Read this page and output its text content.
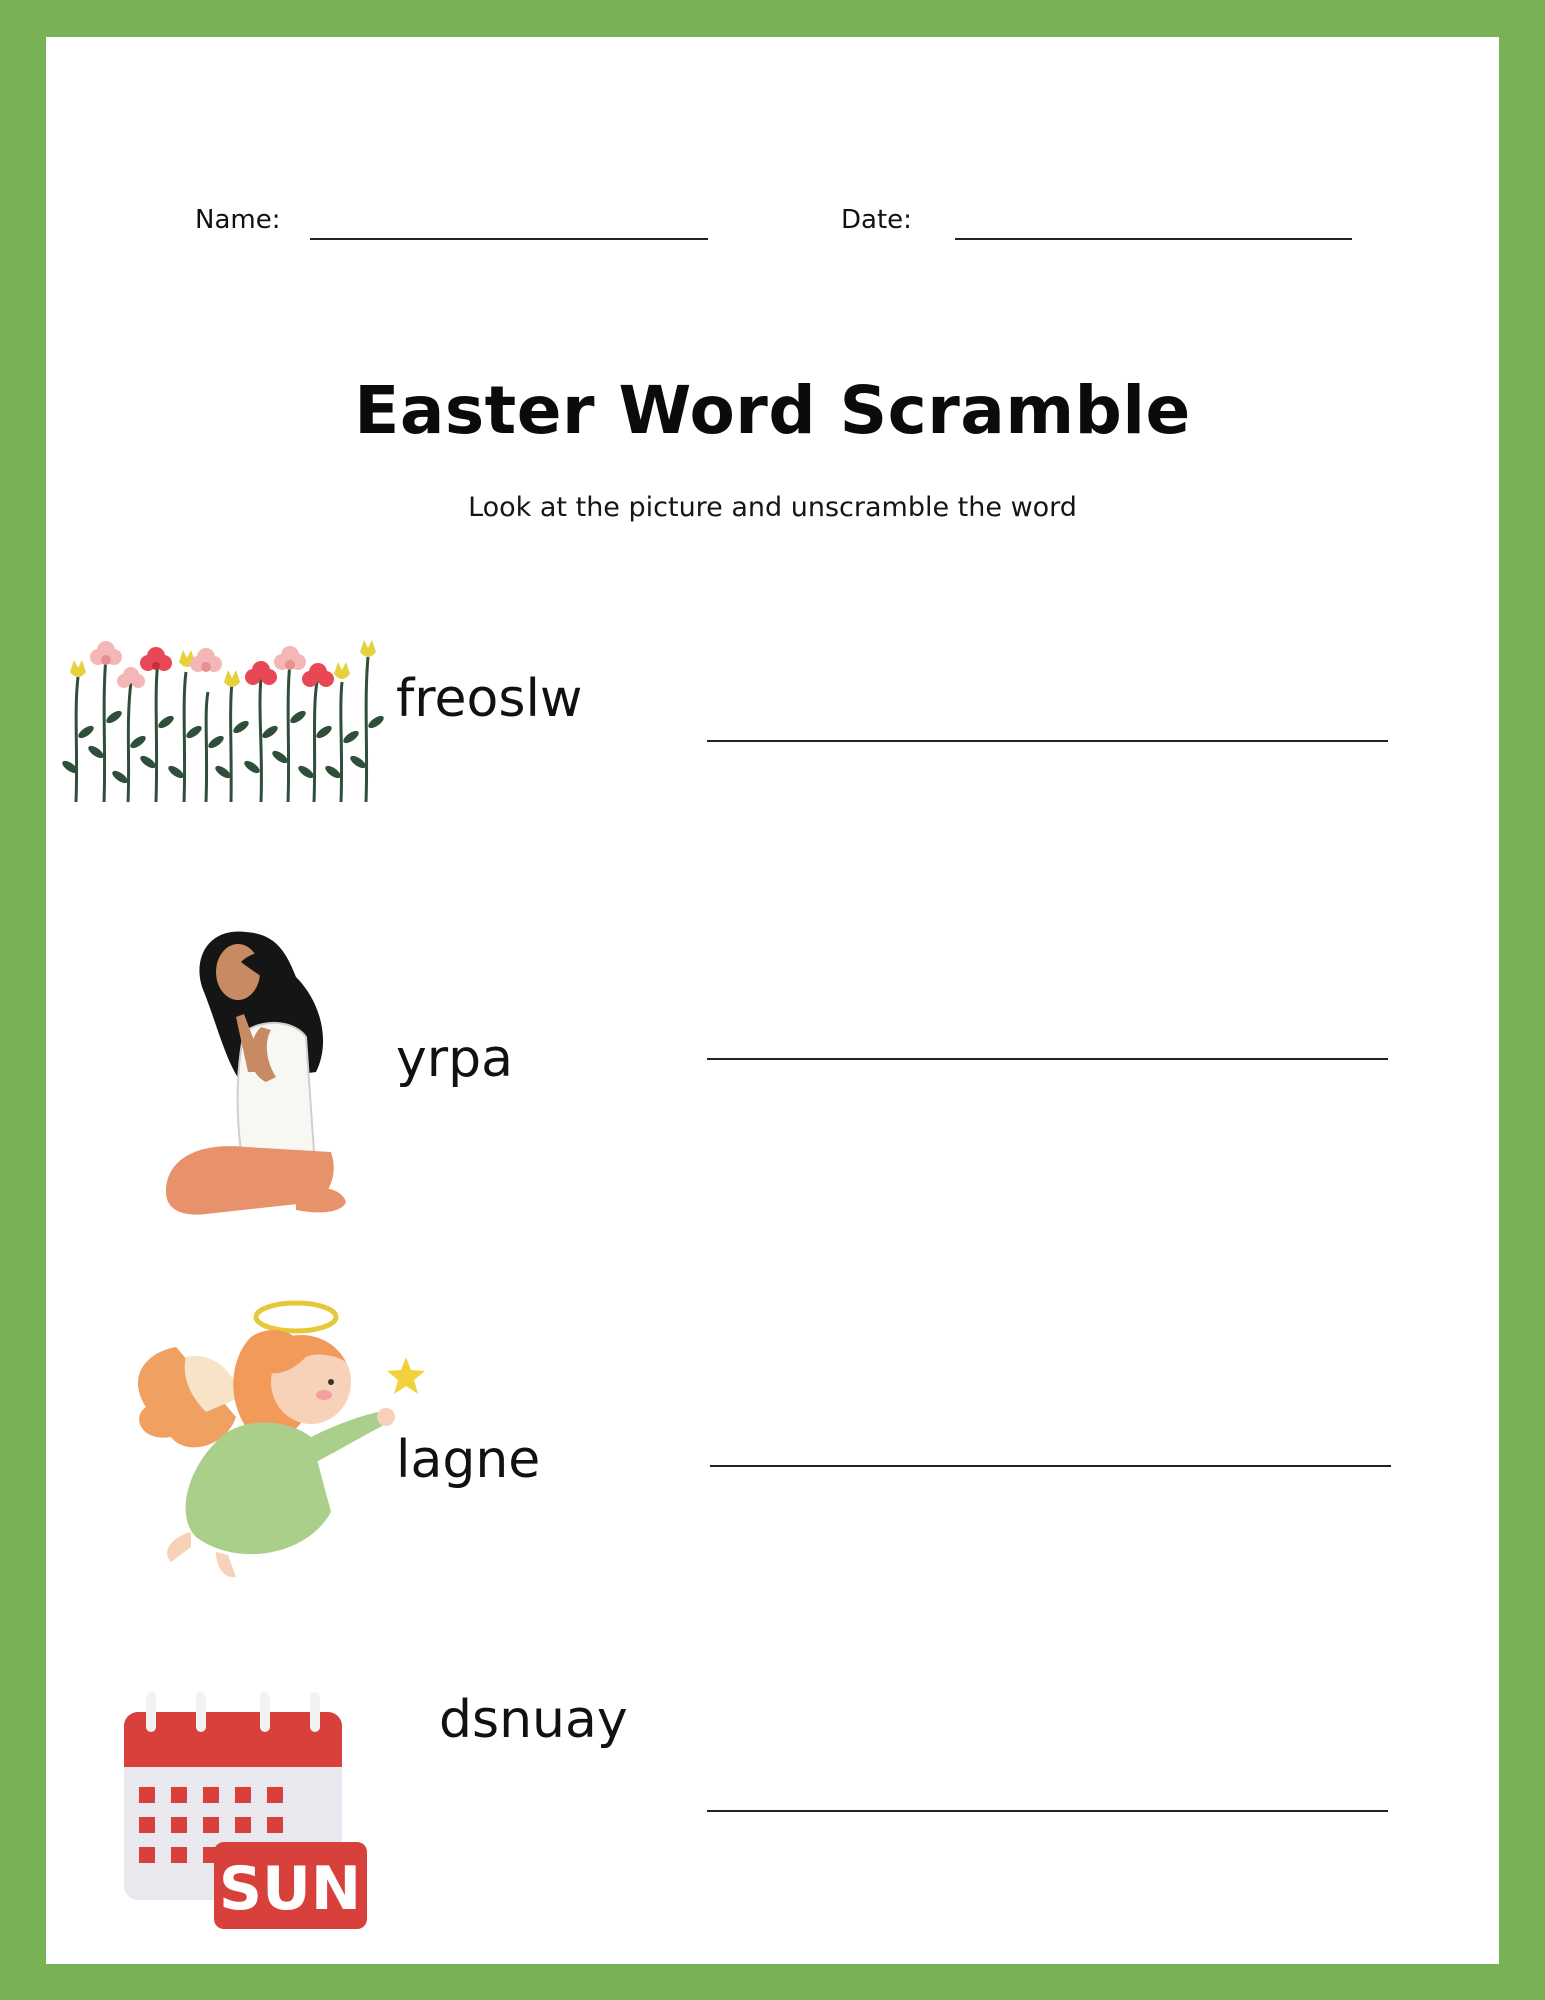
Name:	Date:
Easter Word Scramble
Look at the picture and unscramble the word
freoslw
yrpa
lagne
SUN
dsnuay
